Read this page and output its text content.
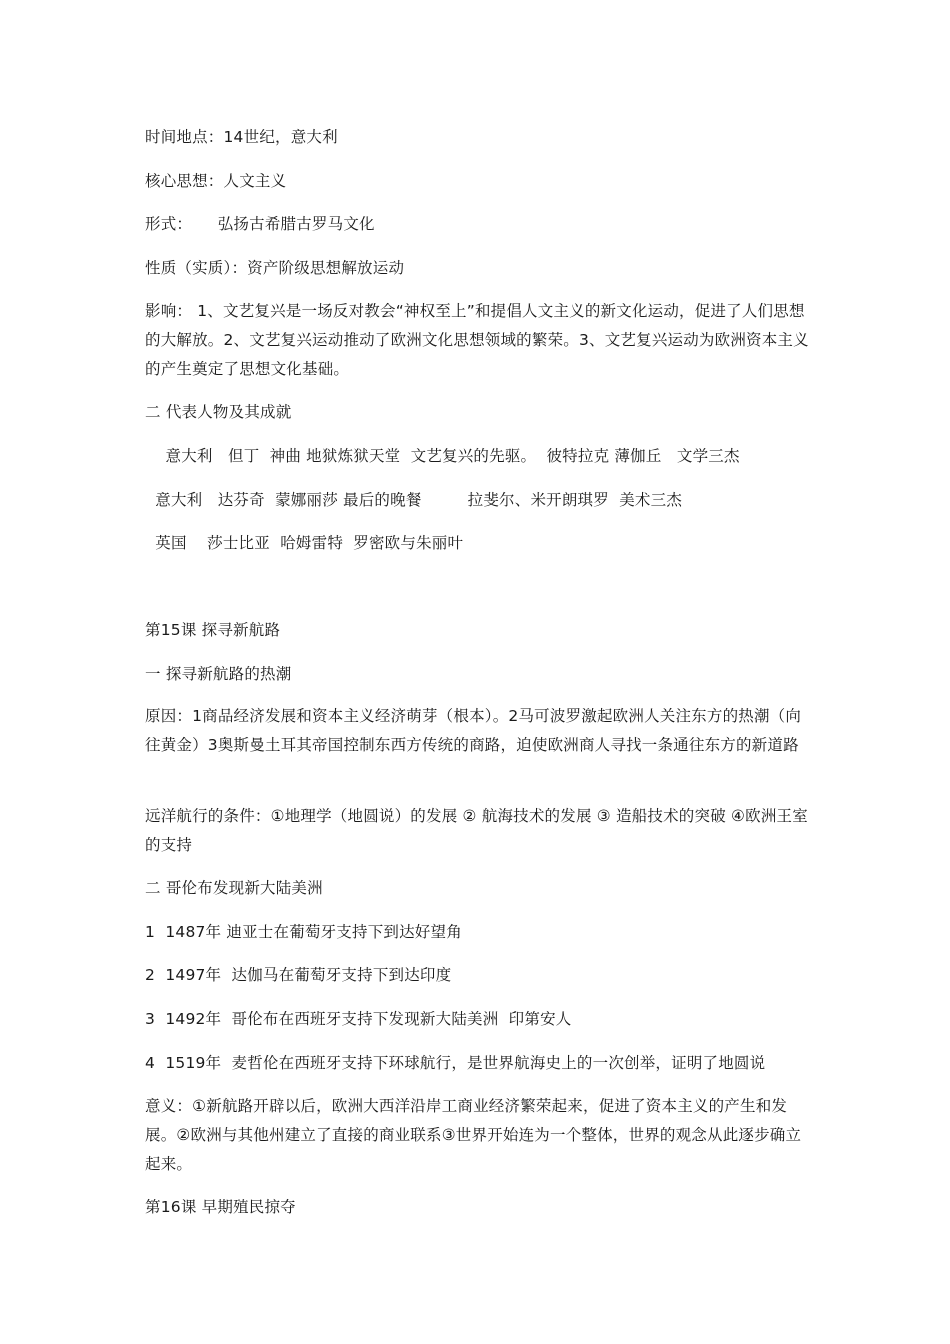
时间地点：14世纪，意大利
核心思想：人文主义
形式：     弘扬古希腊古罗马文化
性质（实质）：资产阶级思想解放运动
影响： 1、文艺复兴是一场反对教会“神权至上”和提倡人文主义的新文化运动，促进了人们思想的大解放。2、文艺复兴运动推动了欧洲文化思想领域的繁荣。3、文艺复兴运动为欧洲资本主义的产生奠定了思想文化基础。
二 代表人物及其成就
意大利   但丁  神曲 地狱炼狱天堂  文艺复兴的先驱。  彼特拉克 薄伽丘   文学三杰
意大利   达芬奇  蒙娜丽莎 最后的晚餐         拉斐尔、米开朗琪罗  美术三杰
英国    莎士比亚  哈姆雷特  罗密欧与朱丽叶
第15课 探寻新航路
一 探寻新航路的热潮
原因：1商品经济发展和资本主义经济萌芽（根本）。2马可波罗激起欧洲人关注东方的热潮（向往黄金）3奥斯曼土耳其帝国控制东西方传统的商路，迫使欧洲商人寻找一条通往东方的新道路
远洋航行的条件：①地理学（地圆说）的发展 ② 航海技术的发展 ③ 造船技术的突破 ④欧洲王室的支持
二 哥伦布发现新大陆美洲
1  1487年 迪亚士在葡萄牙支持下到达好望角
2  1497年  达伽马在葡萄牙支持下到达印度
3  1492年  哥伦布在西班牙支持下发现新大陆美洲  印第安人
4  1519年  麦哲伦在西班牙支持下环球航行，是世界航海史上的一次创举，证明了地圆说
意义：①新航路开辟以后，欧洲大西洋沿岸工商业经济繁荣起来，促进了资本主义的产生和发展。②欧洲与其他州建立了直接的商业联系③世界开始连为一个整体，世界的观念从此逐步确立起来。
第16课 早期殖民掠夺
